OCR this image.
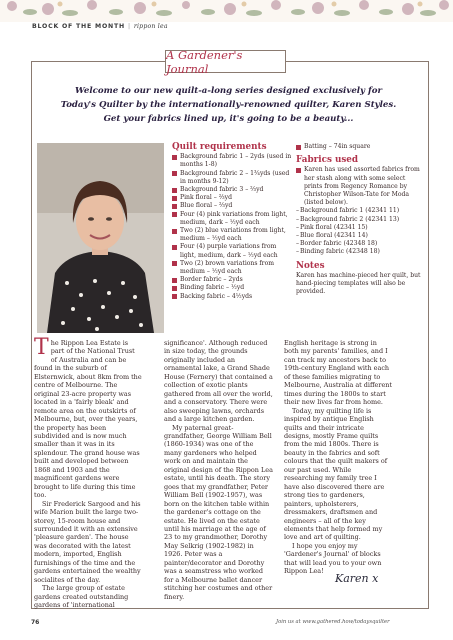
BLOCK OF THE MONTH | rippon lea
A Gardener's Journal

Welcome to our new quilt-a-long series designed exclusively for Today's Quilter by the internationally-renowned quilter, Karen Styles. Get your fabrics lined up, it's going to be a beauty...

Quilt requirements
Background fabric 1 – 2yds (used in months 1-8)
Background fabric 2 – 1¾yds (used in months 9-12)
Background fabric 3 – ⅔yd
Pink floral – ⅔yd
Blue floral – ⅔yd
Four (4) pink variations from light, medium, dark – ½yd each
Two (2) blue variations from light, medium – ½yd each
Four (4) purple variations from light, medium, dark – ½yd each
Two (2) brown variations from medium – ½yd each
Border fabric – 2yds
Binding fabric – ½yd
Backing fabric – 4½yds
Batting – 74in square
Fabrics used
Karen has used assorted fabrics from her stash along with some select prints from Regency Romance by Christopher Wilson-Tate for Moda (listed below).
– Background fabric 1 (42341 11)
– Background fabric 2 (42341 13)
– Pink floral (42341 15)
– Blue floral (42341 14)
– Border fabric (42348 18)
– Binding fabric (42348 18)
Notes

Karen has machine-pieced her quilt, but hand-piecing templates will also be provided.

The Rippon Lea Estate is part of the National Trust of Australia and can be found in the suburb of Elsternwick, about 8km from the centre of Melbourne. The original 23-acre property was located in a 'fairly bleak' and remote area on the outskirts of Melbourne, but, over the years, the property has been subdivided and is now much smaller than it was in its splendour. The grand house was built and developed between 1868 and 1903 and the magnificent gardens were brought to life during this time too.

Sir Frederick Sargood and his wife Marion built the large two-storey, 15-room house and surrounded it with an extensive 'pleasure garden'. The house was decorated with the latest modern, imported, English furnishings of the time and the gardens entertained the wealthy socialites of the day.

The large group of estate gardens created outstanding gardens of 'international

significance'. Although reduced in size today, the grounds originally included an ornamental lake, a Grand Shade House (Fernery) that contained a collection of exotic plants gathered from all over the world, and a conservatory. There were also sweeping lawns, orchards and a large kitchen garden.

My paternal great-grandfather, George William Bell (1860-1934) was one of the many gardeners who helped work on and maintain the original design of the Rippon Lea estate, until his death. The story goes that my grandfather, Peter William Bell (1902-1957), was born on the kitchen table within the gardener's cottage on the estate. He lived on the estate until his marriage at the age of 23 to my grandmother, Dorothy May Selkrig (1902-1982) in 1926. Peter was a painter/decorator and Dorothy was a seamstress who worked for a Melbourne ballet dancer stitching her costumes and other finery.

English heritage is strong in both my parents' families, and I can track my ancestors back to 19th-century England with each of these families migrating to Melbourne, Australia at different times during the 1800s to start their new lives far from home.

Today, my quilting life is inspired by antique English quilts and their intricate designs, mostly Frame quilts from the mid 1800s. There is beauty in the fabrics and soft colours that the quilt makers of our past used. While researching my family tree I have also discovered there are strong ties to gardeners, painters, upholsterers, dressmakers, draftsmen and engineers – all of the key elements that help formed my love and art of quilting.

I hope you enjoy my 'Gardener's Journal' of blocks that will lead you to your own Rippon Lea!

Karen x
76	Join us at www.gathered.how/todaysquilter
